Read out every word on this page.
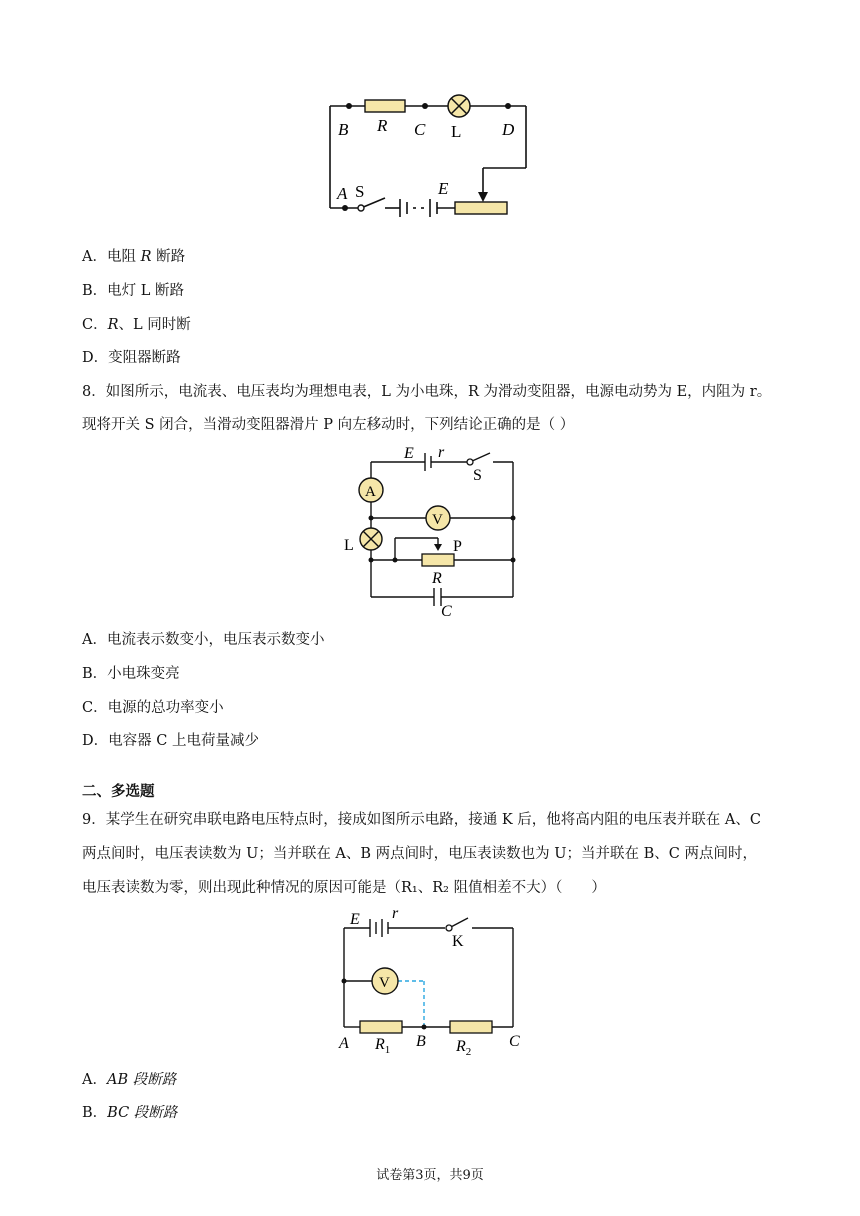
B R C L D
A S	E
A．电阻 R 断路
B．电灯 L 断路
C．R、L 同时断
D．变阻器断路
8．如图所示，电流表、电压表均为理想电表，L 为小电珠，R 为滑动变阻器，电源电动势为 E，内阻为 r。
现将开关 S 闭合，当滑动变阻器滑片 P 向左移动时，下列结论正确的是（ ）
E r
S
A
V
L	P
R
C
A．电流表示数变小，电压表示数变小
B．小电珠变亮
C．电源的总功率变小
D．电容器 C 上电荷量减少
二、多选题
9．某学生在研究串联电路电压特点时，接成如图所示电路，接通 K 后，他将高内阻的电压表并联在 A、C
两点间时，电压表读数为 U；当并联在 A、B 两点间时，电压表读数也为 U；当并联在 B、C 两点间时，
电压表读数为零，则出现此种情况的原因可能是（R₁、R₂ 阻值相差不大）（　　）
E r
K
V
A $R_1$ B $R_2$
C
A．AB 段断路
B．BC 段断路
试卷第3页，共9页
